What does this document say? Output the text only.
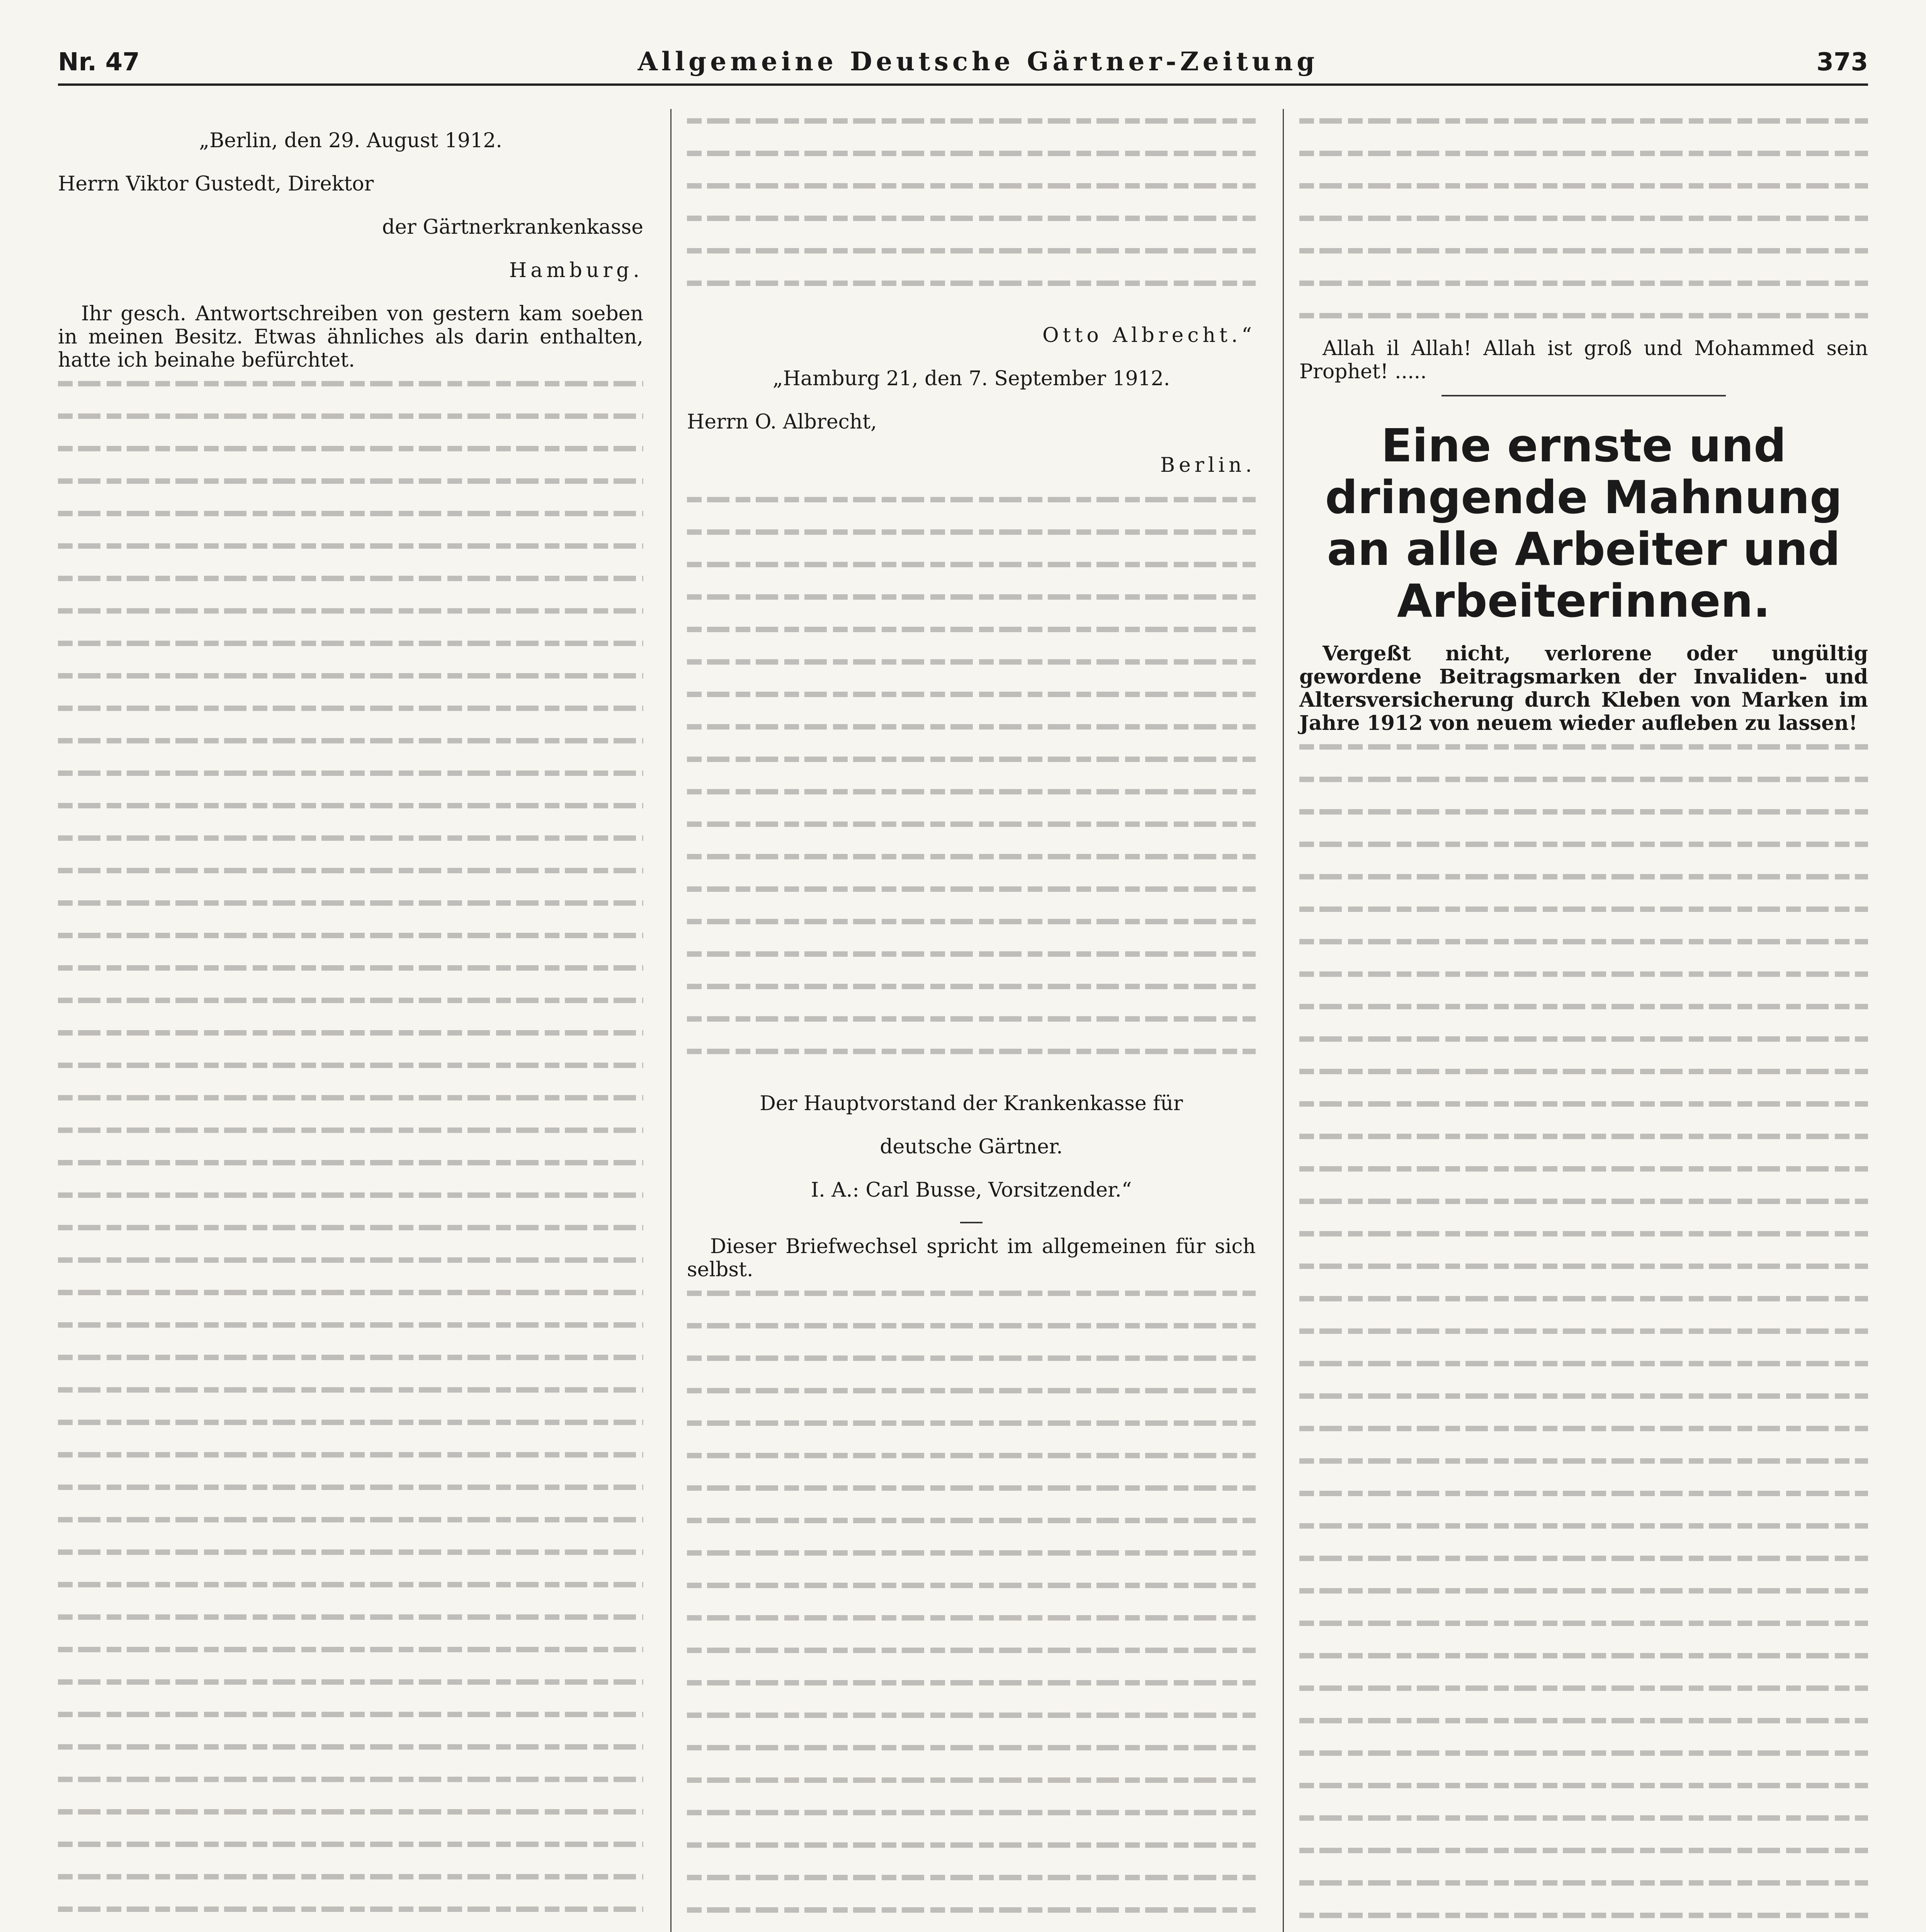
Nr. 47	Allgemeine Deutsche Gärtner-Zeitung	373

„Berlin, den 29. August 1912.

Herrn Viktor Gustedt, Direktor

der Gärtnerkrankenkasse

Hamburg.

Ihr gesch. Antwortschreiben von gestern kam soeben in meinen Besitz. Etwas ähnliches als darin enthalten, hatte ich beinahe befürchtet.

Otto Albrecht.“

„Hamburg 21, den 7. September 1912.

Herrn O. Albrecht,

Berlin.

Der Hauptvorstand der Krankenkasse für

deutsche Gärtner.

I. A.: Carl Busse, Vorsitzender.“

Dieser Briefwechsel spricht im allgemeinen für sich selbst.

Allah il Allah! Allah ist groß und Mohammed sein Prophet! .....

Eine ernste und dringende Mahnung an alle Arbeiter und Arbeiterinnen.

Vergeßt nicht, verlorene oder ungültig gewordene Beitragsmarken der Invaliden- und Altersversicherung durch Kleben von Marken im Jahre 1912 von neuem wieder aufleben zu lassen!
